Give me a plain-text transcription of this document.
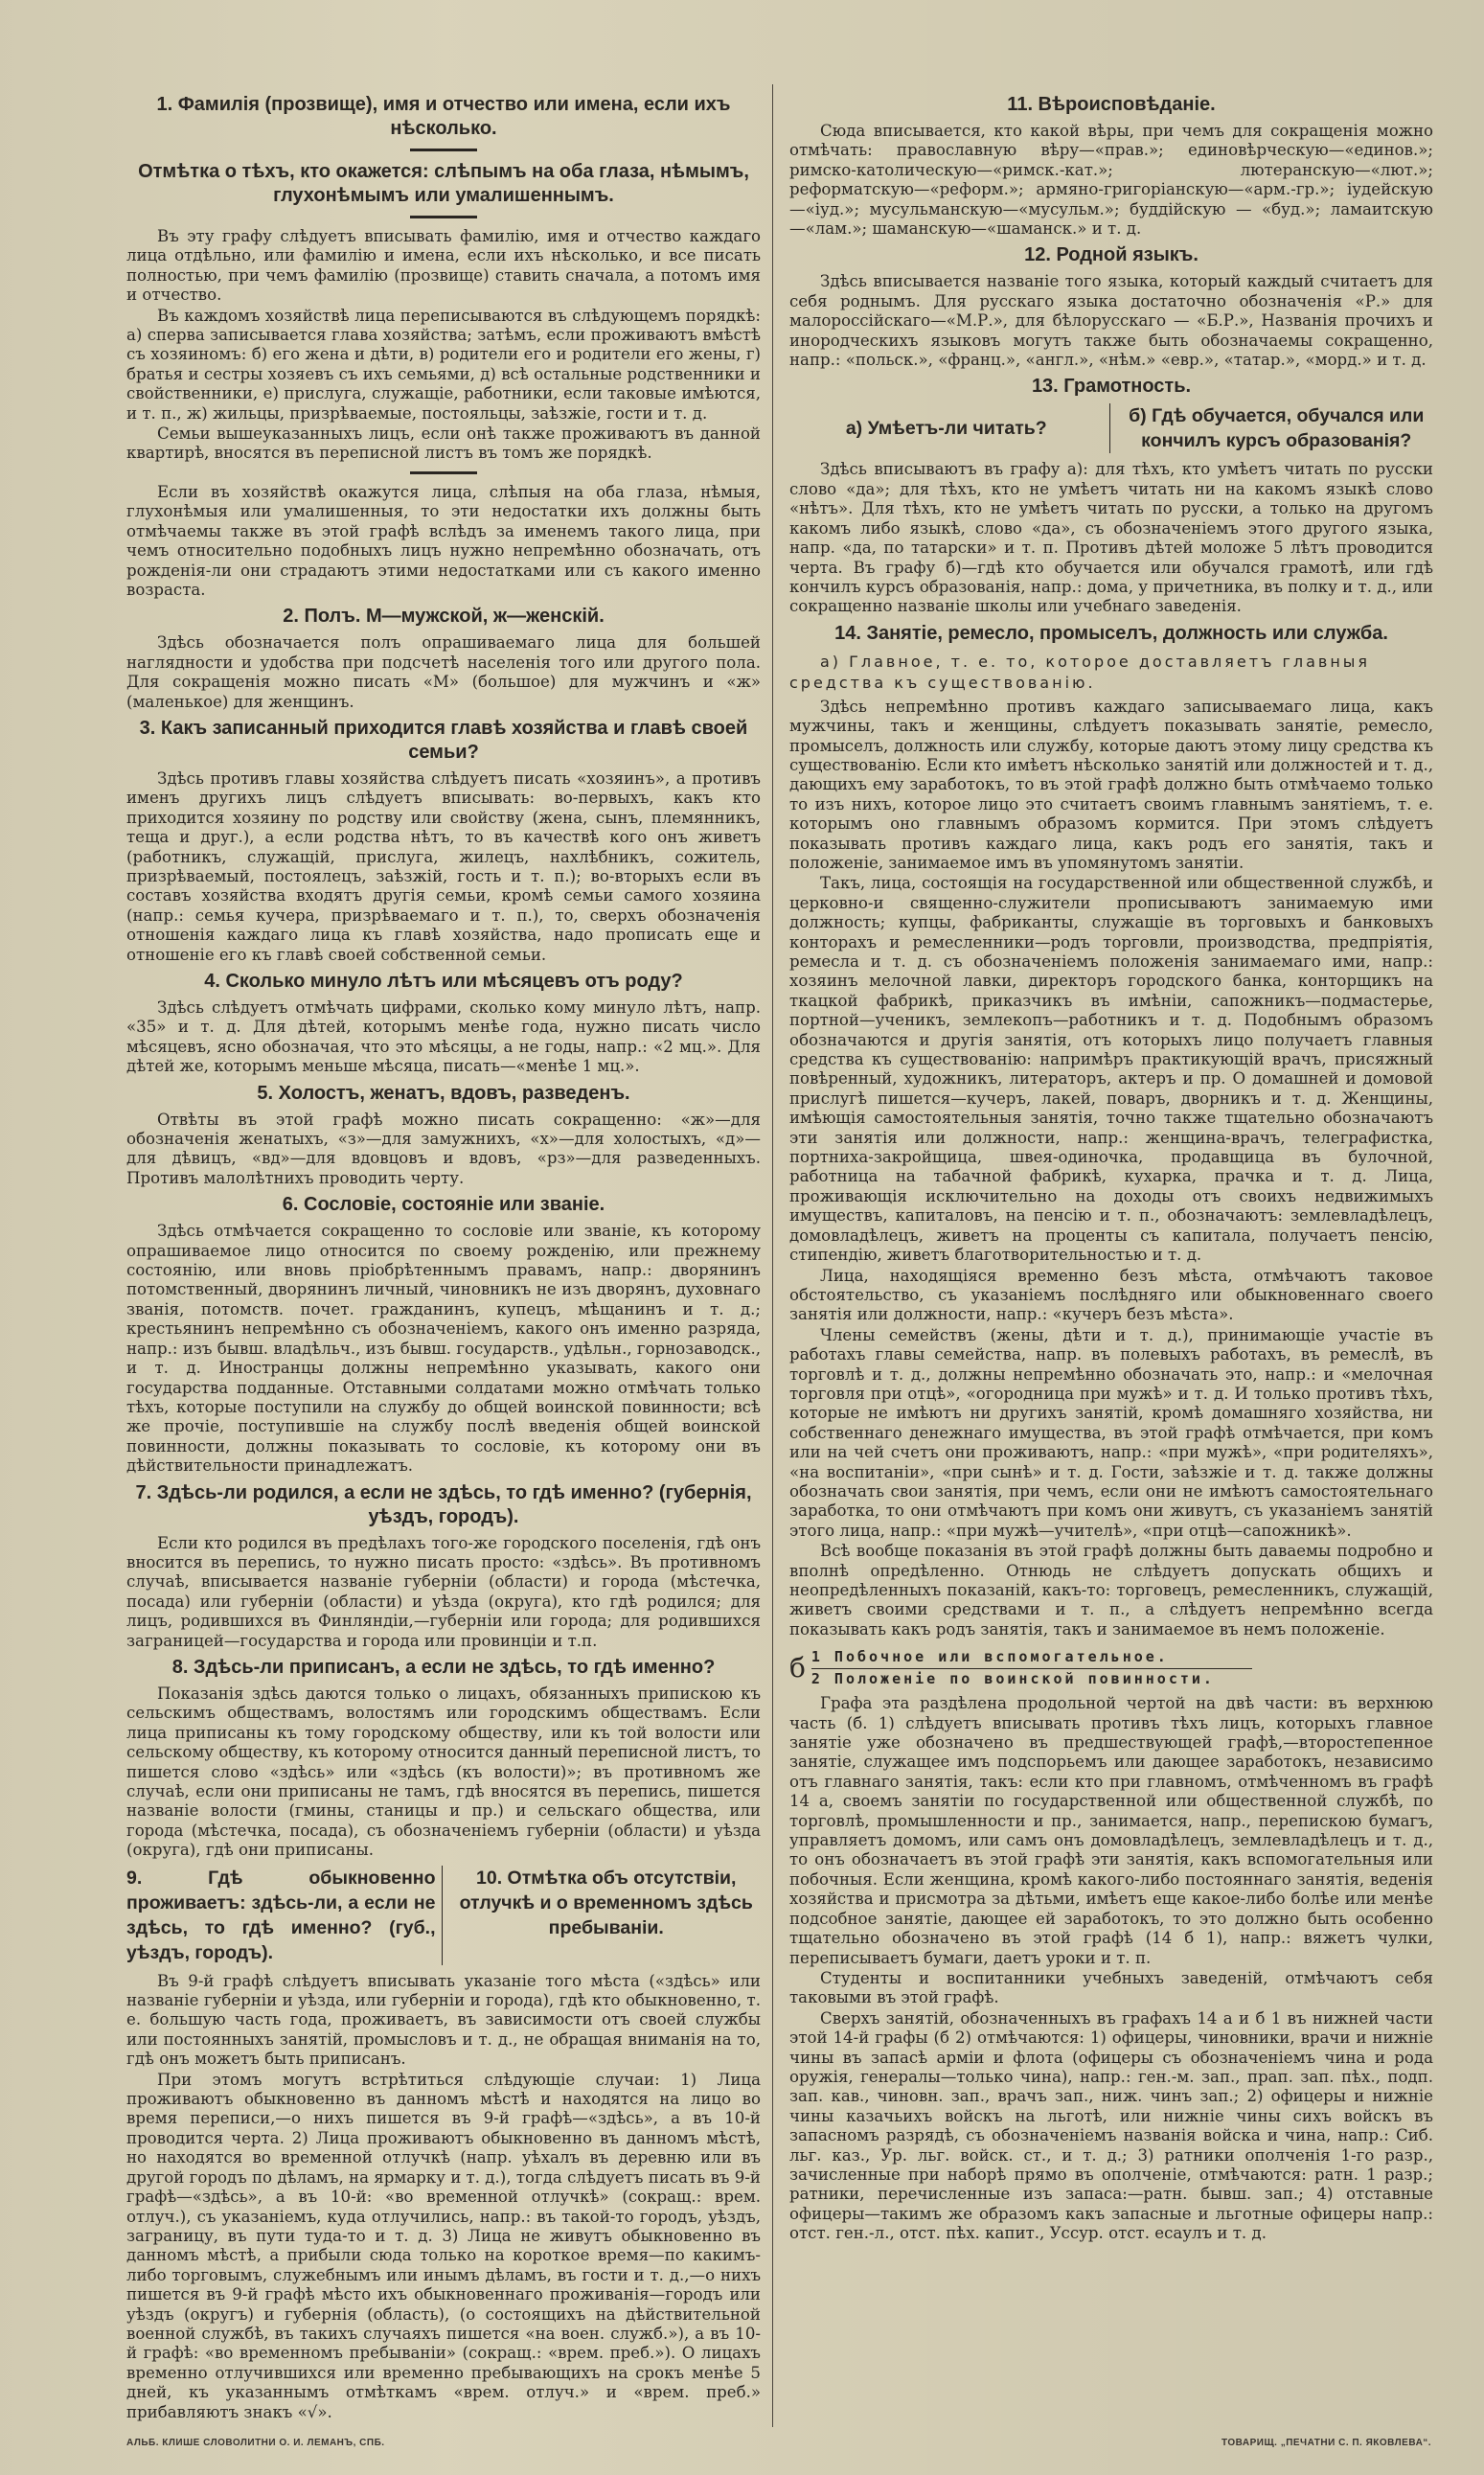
1. Фамилія (прозвище), имя и отчество или имена, если ихъ нѣсколько.
Отмѣтка о тѣхъ, кто окажется: слѣпымъ на оба глаза, нѣмымъ, глухонѣмымъ или умалишеннымъ.
Въ эту графу слѣдуетъ вписывать фамилію, имя и отчество каждаго лица отдѣльно, или фамилію и имена, если ихъ нѣсколько, и все писать полностью, при чемъ фамилію (прозвище) ставить сначала, а потомъ имя и отчество.
Въ каждомъ хозяйствѣ лица переписываются въ слѣдующемъ порядкѣ: а) сперва записывается глава хозяйства; затѣмъ, если проживаютъ вмѣстѣ съ хозяиномъ: б) его жена и дѣти, в) родители его и родители его жены, г) братья и сестры хозяевъ съ ихъ семьями, д) всѣ остальные родственники и свойственники, е) прислуга, служащіе, работники, если таковые имѣются, и т. п., ж) жильцы, призрѣваемые, постояльцы, заѣзжіе, гости и т. д.
Семьи вышеуказанныхъ лицъ, если онѣ также проживаютъ въ данной квартирѣ, вносятся въ переписной листъ въ томъ же порядкѣ.
Если въ хозяйствѣ окажутся лица, слѣпыя на оба глаза, нѣмыя, глухонѣмыя или умалишенныя, то эти недостатки ихъ должны быть отмѣчаемы также въ этой графѣ вслѣдъ за именемъ такого лица, при чемъ относительно подобныхъ лицъ нужно непремѣнно обозначать, отъ рожденія-ли они страдаютъ этими недостатками или съ какого именно возраста.
2. Полъ. М—мужской, ж—женскій.
Здѣсь обозначается полъ опрашиваемаго лица для большей наглядности и удобства при подсчетѣ населенія того или другого пола. Для сокращенія можно писать «М» (большое) для мужчинъ и «ж» (маленькое) для женщинъ.
3. Какъ записанный приходится главѣ хозяйства и главѣ своей семьи?
Здѣсь противъ главы хозяйства слѣдуетъ писать «хозяинъ», а противъ именъ другихъ лицъ слѣдуетъ вписывать: во-первыхъ, какъ кто приходится хозяину по родству или свойству (жена, сынъ, племянникъ, теща и друг.), а если родства нѣтъ, то въ качествѣ кого онъ живетъ (работникъ, служащій, прислуга, жилецъ, нахлѣбникъ, сожитель, призрѣваемый, постоялецъ, заѣзжій, гость и т. п.); во-вторыхъ если въ составъ хозяйства входятъ другія семьи, кромѣ семьи самого хозяина (напр.: семья кучера, призрѣваемаго и т. п.), то, сверхъ обозначенія отношенія каждаго лица къ главѣ хозяйства, надо прописать еще и отношеніе его къ главѣ своей собственной семьи.
4. Сколько минуло лѣтъ или мѣсяцевъ отъ роду?
Здѣсь слѣдуетъ отмѣчать цифрами, сколько кому минуло лѣтъ, напр. «35» и т. д. Для дѣтей, которымъ менѣе года, нужно писать число мѣсяцевъ, ясно обозначая, что это мѣсяцы, а не годы, напр.: «2 мц.». Для дѣтей же, которымъ меньше мѣсяца, писать—«менѣе 1 мц.».
5. Холостъ, женатъ, вдовъ, разведенъ.
Отвѣты въ этой графѣ можно писать сокращенно: «ж»—для обозначенія женатыхъ, «з»—для замужнихъ, «х»—для холостыхъ, «д»—для дѣвицъ, «вд»—для вдовцовъ и вдовъ, «рз»—для разведенныхъ. Противъ малолѣтнихъ проводить черту.
6. Сословіе, состояніе или званіе.
Здѣсь отмѣчается сокращенно то сословіе или званіе, къ которому опрашиваемое лицо относится по своему рожденію, или прежнему состоянію, или вновь пріобрѣтеннымъ правамъ, напр.: дворянинъ потомственный, дворянинъ личный, чиновникъ не изъ дворянъ, духовнаго званія, потомств. почет. гражданинъ, купецъ, мѣщанинъ и т. д.; крестьянинъ непремѣнно съ обозначеніемъ, какого онъ именно разряда, напр.: изъ бывш. владѣльч., изъ бывш. государств., удѣльн., горнозаводск., и т. д. Иностранцы должны непремѣнно указывать, какого они государства подданные. Отставными солдатами можно отмѣчать только тѣхъ, которые поступили на службу до общей воинской повинности; всѣ же прочіе, поступившіе на службу послѣ введенія общей воинской повинности, должны показывать то сословіе, къ которому они въ дѣйствительности принадлежатъ.
7. Здѣсь-ли родился, а если не здѣсь, то гдѣ именно? (губернія, уѣздъ, городъ).
Если кто родился въ предѣлахъ того-же городского поселенія, гдѣ онъ вносится въ перепись, то нужно писать просто: «здѣсь». Въ противномъ случаѣ, вписывается названіе губерніи (области) и города (мѣстечка, посада) или губерніи (области) и уѣзда (округа), кто гдѣ родился; для лицъ, родившихся въ Финляндіи,—губерніи или города; для родившихся заграницей—государства и города или провинціи и т.п.
8. Здѣсь-ли приписанъ, а если не здѣсь, то гдѣ именно?
Показанія здѣсь даются только о лицахъ, обязанныхъ припискою къ сельскимъ обществамъ, волостямъ или городскимъ обществамъ. Если лица приписаны къ тому городскому обществу, или къ той волости или сельскому обществу, къ которому относится данный переписной листъ, то пишется слово «здѣсь» или «здѣсь (къ волости)»; въ противномъ же случаѣ, если они приписаны не тамъ, гдѣ вносятся въ перепись, пишется названіе волости (гмины, станицы и пр.) и сельскаго общества, или города (мѣстечка, посада), съ обозначеніемъ губерніи (области) и уѣзда (округа), гдѣ они приписаны.
9. Гдѣ обыкновенно проживаетъ: здѣсь-ли, а если не здѣсь, то гдѣ именно? (губ., уѣздъ, городъ).
10. Отмѣтка объ отсутствіи, отлучкѣ и о временномъ здѣсь пребываніи.
Въ 9-й графѣ слѣдуетъ вписывать указаніе того мѣста («здѣсь» или названіе губерніи и уѣзда, или губерніи и города), гдѣ кто обыкновенно, т. е. большую часть года, проживаетъ, въ зависимости отъ своей службы или постоянныхъ занятій, промысловъ и т. д., не обращая вниманія на то, гдѣ онъ можетъ быть приписанъ.
При этомъ могутъ встрѣтиться слѣдующіе случаи: 1) Лица проживаютъ обыкновенно въ данномъ мѣстѣ и находятся на лицо во время переписи,—о нихъ пишется въ 9-й графѣ—«здѣсь», а въ 10-й проводится черта. 2) Лица проживаютъ обыкновенно въ данномъ мѣстѣ, но находятся во временной отлучкѣ (напр. уѣхалъ въ деревню или въ другой городъ по дѣламъ, на ярмарку и т. д.), тогда слѣдуетъ писать въ 9-й графѣ—«здѣсь», а въ 10-й: «во временной отлучкѣ» (сокращ.: врем. отлуч.), съ указаніемъ, куда отлучились, напр.: въ такой-то городъ, уѣздъ, заграницу, въ пути туда-то и т. д. 3) Лица не живутъ обыкновенно въ данномъ мѣстѣ, а прибыли сюда только на короткое время—по какимъ-либо торговымъ, служебнымъ или инымъ дѣламъ, въ гости и т. д.,—о нихъ пишется въ 9-й графѣ мѣсто ихъ обыкновеннаго проживанія—городъ или уѣздъ (округъ) и губернія (область), (о состоящихъ на дѣйствительной военной службѣ, въ такихъ случаяхъ пишется «на воен. служб.»), а въ 10-й графѣ: «во временномъ пребываніи» (сокращ.: «врем. преб.»). О лицахъ временно отлучившихся или временно пребывающихъ на срокъ менѣе 5 дней, къ указаннымъ отмѣткамъ «врем. отлуч.» и «врем. преб.» прибавляютъ знакъ «√».
11. Вѣроисповѣданіе.
Сюда вписывается, кто какой вѣры, при чемъ для сокращенія можно отмѣчать: православную вѣру—«прав.»; единовѣрческую—«единов.»; римско-католическую—«римск.-кат.»; лютеранскую—«лют.»; реформатскую—«реформ.»; армяно-григоріанскую—«арм.-гр.»; іудейскую—«іуд.»; мусульманскую—«мусульм.»; буддійскую — «буд.»; ламаитскую—«лам.»; шаманскую—«шаманск.» и т. д.
12. Родной языкъ.
Здѣсь вписывается названіе того языка, который каждый считаетъ для себя роднымъ. Для русскаго языка достаточно обозначенія «Р.» для малороссійскаго—«М.Р.», для бѣлорусскаго — «Б.Р.», Названія прочихъ и инородческихъ языковъ могутъ также быть обозначаемы сокращенно, напр.: «польск.», «франц.», «англ.», «нѣм.» «евр.», «татар.», «морд.» и т. д.
13. Грамотность.
а) Умѣетъ-ли читать?
б) Гдѣ обучается, обучался или кончилъ курсъ образованія?
Здѣсь вписываютъ въ графу а): для тѣхъ, кто умѣетъ читать по русски слово «да»; для тѣхъ, кто не умѣетъ читать ни на какомъ языкѣ слово «нѣтъ». Для тѣхъ, кто не умѣетъ читать по русски, а только на другомъ какомъ либо языкѣ, слово «да», съ обозначеніемъ этого другого языка, напр. «да, по татарски» и т. п. Противъ дѣтей моложе 5 лѣтъ проводится черта. Въ графу б)—гдѣ кто обучается или обучался грамотѣ, или гдѣ кончилъ курсъ образованія, напр.: дома, у причетника, въ полку и т. д., или сокращенно названіе школы или учебнаго заведенія.
14. Занятіе, ремесло, промыселъ, должность или служба.
а) Главное, т. е. то, которое доставляетъ главныя средства къ существованію.
Здѣсь непремѣнно противъ каждаго записываемаго лица, какъ мужчины, такъ и женщины, слѣдуетъ показывать занятіе, ремесло, промыселъ, должность или службу, которые даютъ этому лицу средства къ существованію. Если кто имѣетъ нѣсколько занятій или должностей и т. д., дающихъ ему заработокъ, то въ этой графѣ должно быть отмѣчаемо только то изъ нихъ, которое лицо это считаетъ своимъ главнымъ занятіемъ, т. е. которымъ оно главнымъ образомъ кормится. При этомъ слѣдуетъ показывать противъ каждаго лица, какъ родъ его занятія, такъ и положеніе, занимаемое имъ въ упомянутомъ занятіи.
Такъ, лица, состоящія на государственной или общественной службѣ, и церковно-и священно-служители прописываютъ занимаемую ими должность; купцы, фабриканты, служащіе въ торговыхъ и банковыхъ конторахъ и ремесленники—родъ торговли, производства, предпріятія, ремесла и т. д. съ обозначеніемъ положенія занимаемаго ими, напр.: хозяинъ мелочной лавки, директоръ городского банка, конторщикъ на ткацкой фабрикѣ, приказчикъ въ имѣніи, сапожникъ—подмастерье, портной—ученикъ, землекопъ—работникъ и т. д. Подобнымъ образомъ обозначаются и другія занятія, отъ которыхъ лицо получаетъ главныя средства къ существованію: напримѣръ практикующій врачъ, присяжный повѣренный, художникъ, литераторъ, актеръ и пр. О домашней и домовой прислугѣ пишется—кучеръ, лакей, поваръ, дворникъ и т. д. Женщины, имѣющія самостоятельныя занятія, точно также тщательно обозначаютъ эти занятія или должности, напр.: женщина-врачъ, телеграфистка, портниха-закройщица, швея-одиночка, продавщица въ булочной, работница на табачной фабрикѣ, кухарка, прачка и т. д. Лица, проживающія исключительно на доходы отъ своихъ недвижимыхъ имуществъ, капиталовъ, на пенсію и т. п., обозначаютъ: землевладѣлецъ, домовладѣлецъ, живетъ на проценты съ капитала, получаетъ пенсію, стипендію, живетъ благотворительностью и т. д.
Лица, находящіяся временно безъ мѣста, отмѣчаютъ таковое обстоятельство, съ указаніемъ послѣдняго или обыкновеннаго своего занятія или должности, напр.: «кучеръ безъ мѣста».
Члены семействъ (жены, дѣти и т. д.), принимающіе участіе въ работахъ главы семейства, напр. въ полевыхъ работахъ, въ ремеслѣ, въ торговлѣ и т. д., должны непремѣнно обозначать это, напр.: и «мелочная торговля при отцѣ», «огородница при мужѣ» и т. д. И только противъ тѣхъ, которые не имѣютъ ни другихъ занятій, кромѣ домашняго хозяйства, ни собственнаго денежнаго имущества, въ этой графѣ отмѣчается, при комъ или на чей счетъ они проживаютъ, напр.: «при мужѣ», «при родителяхъ», «на воспитаніи», «при сынѣ» и т. д. Гости, заѣзжіе и т. д. также должны обозначать свои занятія, при чемъ, если они не имѣютъ самостоятельнаго заработка, то они отмѣчаютъ при комъ они живутъ, съ указаніемъ занятій этого лица, напр.: «при мужѣ—учителѣ», «при отцѣ—сапожникѣ».
Всѣ вообще показанія въ этой графѣ должны быть даваемы подробно и вполнѣ опредѣленно. Отнюдь не слѣдуетъ допускать общихъ и неопредѣленныхъ показаній, какъ-то: торговецъ, ремесленникъ, служащій, живетъ своими средствами и т. п., а слѣдуетъ непремѣнно всегда показывать какъ родъ занятія, такъ и занимаемое въ немъ положеніе.
б 1 Побочное или вспомогательное.
2 Положеніе по воинской повинности.
Графа эта раздѣлена продольной чертой на двѣ части: въ верхнюю часть (б. 1) слѣдуетъ вписывать противъ тѣхъ лицъ, которыхъ главное занятіе уже обозначено въ предшествующей графѣ,—второстепенное занятіе, служащее имъ подспорьемъ или дающее заработокъ, независимо отъ главнаго занятія, такъ: если кто при главномъ, отмѣченномъ въ графѣ 14 а, своемъ занятіи по государственной или общественной службѣ, по торговлѣ, промышленности и пр., занимается, напр., перепискою бумагъ, управляетъ домомъ, или самъ онъ домовладѣлецъ, землевладѣлецъ и т. д., то онъ обозначаетъ въ этой графѣ эти занятія, какъ вспомогательныя или побочныя. Если женщина, кромѣ какого-либо постояннаго занятія, веденія хозяйства и присмотра за дѣтьми, имѣетъ еще какое-либо болѣе или менѣе подсобное занятіе, дающее ей заработокъ, то это должно быть особенно тщательно обозначено въ этой графѣ (14 б 1), напр.: вяжетъ чулки, переписываетъ бумаги, даетъ уроки и т. п.
Студенты и воспитанники учебныхъ заведеній, отмѣчаютъ себя таковыми въ этой графѣ.
Сверхъ занятій, обозначенныхъ въ графахъ 14 а и б 1 въ нижней части этой 14-й графы (б 2) отмѣчаются: 1) офицеры, чиновники, врачи и нижніе чины въ запасѣ арміи и флота (офицеры съ обозначеніемъ чина и рода оружія, генералы—только чина), напр.: ген.-м. зап., прап. зап. пѣх., подп. зап. кав., чиновн. зап., врачъ зап., ниж. чинъ зап.; 2) офицеры и нижніе чины казачьихъ войскъ на льготѣ, или нижніе чины сихъ войскъ въ запасномъ разрядѣ, съ обозначеніемъ названія войска и чина, напр.: Сиб. льг. каз., Ур. льг. войск. ст., и т. д.; 3) ратники ополченія 1-го разр., зачисленные при наборѣ прямо въ ополченіе, отмѣчаются: ратн. 1 разр.; ратники, перечисленные изъ запаса:—ратн. бывш. зап.; 4) отставные офицеры—такимъ же образомъ какъ запасные и льготные офицеры напр.: отст. ген.-л., отст. пѣх. капит., Уссур. отст. есаулъ и т. д.
АЛЬБ. КЛИШЕ СЛОВОЛИТНИ О. И. ЛЕМАНЪ, СПБ.	ТОВАРИЩ. „ПЕЧАТНИ С. П. ЯКОВЛЕВА“.
